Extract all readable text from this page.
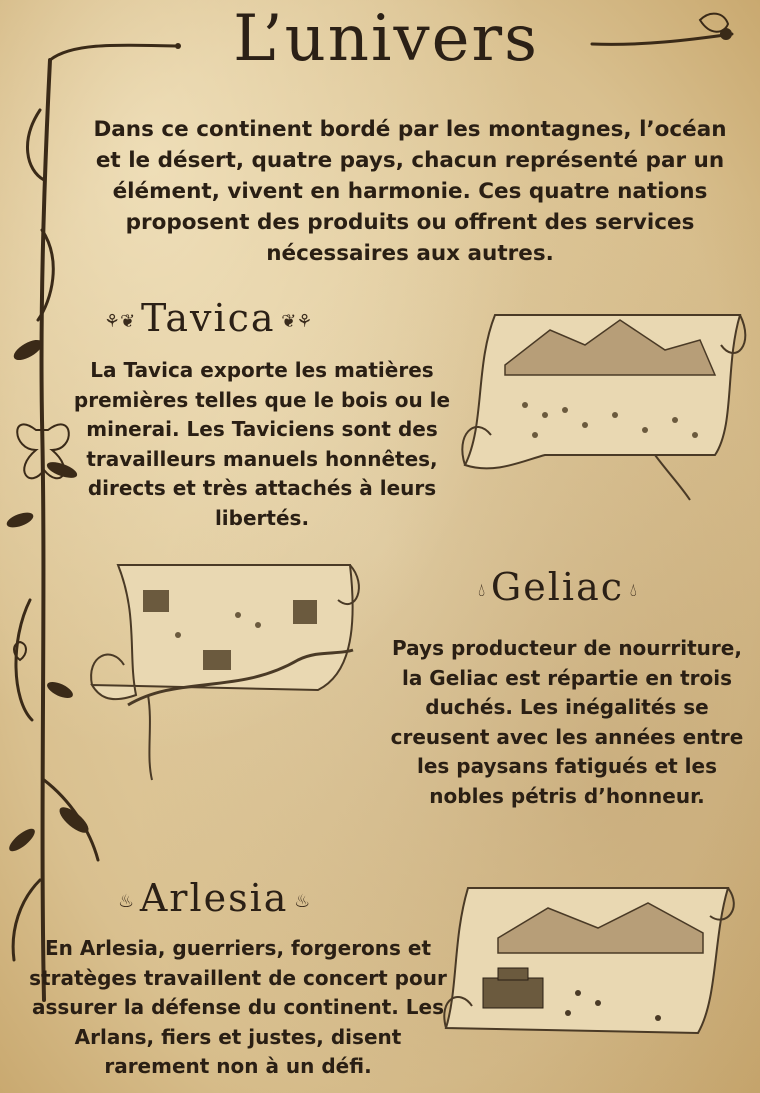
L’univers

Dans ce continent bordé par les montagnes, l’océan et le désert, quatre pays, chacun représenté par un élément, vivent en harmonie. Ces quatre nations proposent des produits ou offrent des services nécessaires aux autres.

⚘❦ Tavica ❦⚘

La Tavica exporte les matières premières telles que le bois ou le minerai. Les Taviciens sont des travailleurs manuels honnêtes, directs et très attachés à leurs libertés.

💧︎ Geliac 💧︎

Pays producteur de nourriture, la Geliac est répartie en trois duchés. Les inégalités se creusent avec les années entre les paysans fatigués et les nobles pétris d’honneur.

♨ Arlesia ♨

En Arlesia, guerriers, forgerons et stratèges travaillent de concert pour assurer la défense du continent. Les Arlans, fiers et justes, disent rarement non à un défi.
